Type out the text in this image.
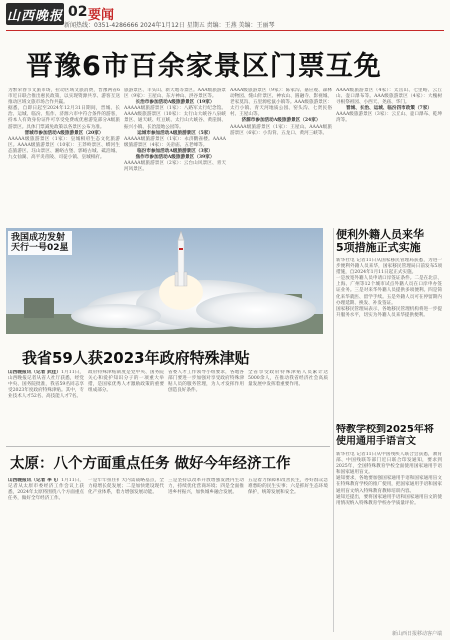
山西晚报 02 要闻
新闻热线：0351-4286666 2024年1月12日 星期五 责编：王燕 美编：王丽琴
晋豫6市百余家景区门票互免

为繁荣春节文旅市场，拉动区域文旅消费，晋豫两省6市近日联合推出惠民政策，以实现资源共享、游客互送推动区域文旅市场合作共赢。

据悉，自即日起至2024年12月31日期间，晋城、长治、运城、临汾、焦作、济源六市中符合条件的游客，持本人有效身份证件可享受免费或优惠游览部分A级旅游景区。具体门票减免政策以各景区公布为准。

晋城市参加活动A级旅游景区（20家）

AAAAA级旅游景区（1家）：皇城相府生态文化旅游区。AAAA级旅游景区（10家）：王莽岭景区、蟒河生态旅游区、珏山景区、湘峪古堡、郭峪古城、砥洎城、九女仙湖、高平炎帝陵、司徒小镇、皇城相府。

旅游景区、羊头山、新天地等景区。AAA级旅游景区（9家）：王屋山、东方神山、洪谷景区等。

长治市参加活动A级旅游景区（19家）

AAAAA级旅游景区（1家）：八路军太行纪念馆。AAAA级旅游景区（10家）：太行山大峡谷八泉峡景区、通天峡、红豆峡、太行山大峡谷、黄崖洞、振兴小镇、长治湿地公园等。

运城市参加活动A级旅游景区（5家）

AAAAA级旅游景区（1家）：永济鹳雀楼。AAAA级旅游景区（4家）：关帝庙、五老峰等。

临汾市参加活动A级旅游景区（3家）

焦作市参加活动A级旅游景区（39家）

AAAAA级旅游景区（2家）：云台山风景区、青天河风景区。

AAAA级旅游景区（9家）：陈家沟、嘉应观、森林动物园、缝山针景区、神农山、圆融寺、影视城、老家莫沟、五里源松鼠小镇等。AAA级旅游景区：太行小镇、青天河地质公园、窑头沟、七贤民俗村、王屋山等。

济源市参加活动A级旅游景区（24家）

AAAAA级旅游景区（1家）：王屋山。AAAA级旅游景区（6家）：小沟背、五龙口、黄河三峡等。

AAAA级旅游景区（4家）：太岳山、七里峪、云丘山、壶口瀑布等。AAA级旅游景区（4家）：大槐树寻根祭祖园、小西天、尧庙、华门。

晋城、长治、运城、临汾四市政策（7家）

AAAA级旅游景区（3家）：云丘山、壶口瀑布、乾坤湾等。

我国成功发射
天行一号02星
便利外籍人员来华
5项措施正式实施

新华社电 记者11日从国家移民管理局获悉，为进一步便利外籍人员来华，国家移民管理局日前发布5项措施，自2024年1月11日起正式实施。

一是放宽外籍人员申请口岸签证条件。二是在北京、上海、广州等12个城市试点外籍人员在口岸申办签证业务。三是对来华外籍人员提供多项便利。四是简化来华就医、留学手续。五是外籍人员可在停留期内办理延期、换发、补发签证。

国家移民管理局表示，各地移民管理机构将进一步提升服务水平，切实为外籍人员来华提供便利。

我省59人获2023年政府特殊津贴

山西晚报讯（记者 武佳）1月11日，山西晚报记者从省人社厅获悉，经党中央、国务院批准，我省59名同志享受2023年度政府特殊津贴。其中，专业技术人才52名、高技能人才7名。

政府特殊津贴制度是党中央、国务院关心和爱护知识分子的一项重大举措，是国家优秀人才激励政策的重要组成部分。

省委人才工作领导小组要求，各地各部门要进一步加强对享受政府特殊津贴人员的服务管理，为人才发挥作用创造良好条件。

全省享受政府特殊津贴人员累计达5000余人，在推动我省经济社会高质量发展中发挥着重要作用。

太原：八个方面重点任务 做好今年经济工作

山西晚报讯（记者 李飞）1月11日，记者从太原市委经济工作会议上获悉，2024年太原将围绕八个方面重点任务，做好全年经济工作。

一是牢牢扭住扩大内需战略基点，全力稳增长促发展；二是加快建设现代化产业体系，着力增强发展动能。

三是坚持以改革开放增强发展内生动力，持续优化营商环境；四是全面推进乡村振兴，加快城乡融合发展。

五是着力保障和改善民生，办好群众急难愁盼的民生实事；六是抓好生态环境保护，统筹发展和安全。

特教学校到2025年将
使用通用手语言文

新华社电 记者11日从中国残疾人联合会获悉，教育部、中国残联等部门近日联合印发通知，要求到2025年，全国特殊教育学校全面使用国家通用手语和国家通用盲文。

通知要求，各地要加强国家通用手语和国家通用盲文在特殊教育学校的推广使用，把国家通用手语和国家通用盲文纳入特殊教育教师培训内容。

通知还提出，要将国家通用手语和国家通用盲文的使用情况纳入特殊教育学校办学质量评价。

新山西日报移动客户端
